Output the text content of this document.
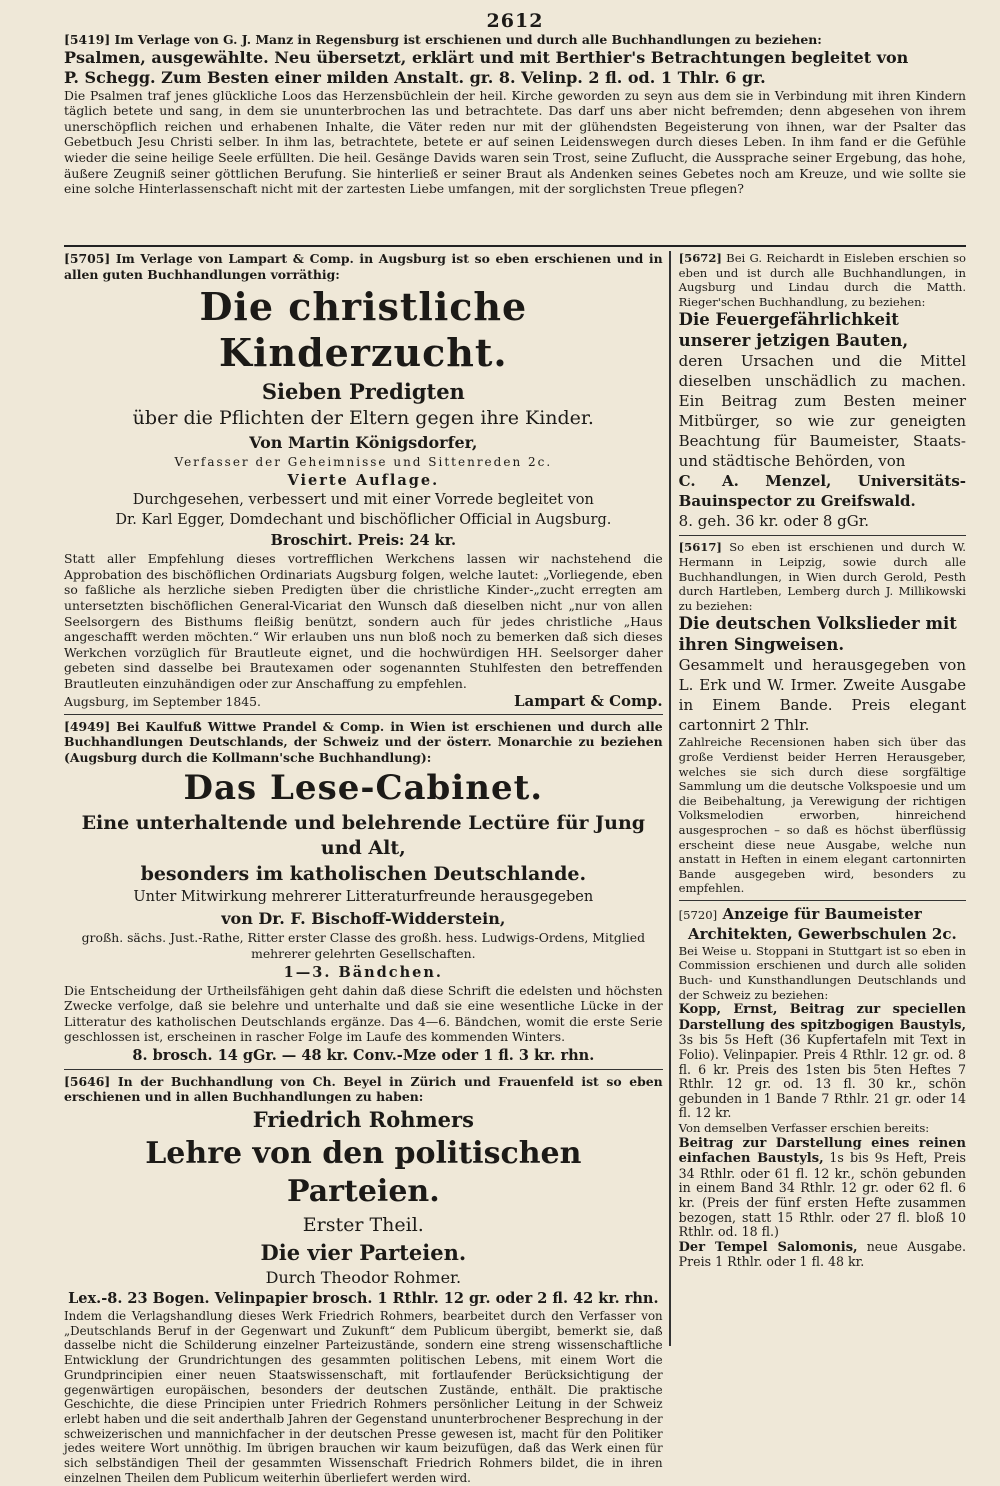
2612

[5419] Im Verlage von G. J. Manz in Regensburg ist erschienen und durch alle Buchhandlungen zu beziehen:

Psalmen, ausgewählte. Neu übersetzt, erklärt und mit Berthier's Betrachtungen begleitet von

P. Schegg. Zum Besten einer milden Anstalt. gr. 8. Velinp. 2 fl. od. 1 Thlr. 6 gr.

Die Psalmen traf jenes glückliche Loos das Herzensbüchlein der heil. Kirche geworden zu seyn aus dem sie in Verbindung mit ihren Kindern täglich betete und sang, in dem sie ununterbrochen las und betrachtete. Das darf uns aber nicht befremden; denn abgesehen von ihrem unerschöpflich reichen und erhabenen Inhalte, die Väter reden nur mit der glühendsten Begeisterung von ihnen, war der Psalter das Gebetbuch Jesu Christi selber. In ihm las, betrachtete, betete er auf seinen Leidenswegen durch dieses Leben. In ihm fand er die Gefühle wieder die seine heilige Seele erfüllten. Die heil. Gesänge Davids waren sein Trost, seine Zuflucht, die Aussprache seiner Ergebung, das hohe, äußere Zeugniß seiner göttlichen Berufung. Sie hinterließ er seiner Braut als Andenken seines Gebetes noch am Kreuze, und wie sollte sie eine solche Hinterlassenschaft nicht mit der zartesten Liebe umfangen, mit der sorglichsten Treue pflegen?

[5705] Im Verlage von Lampart & Comp. in Augsburg ist so eben erschienen und in allen guten Buchhandlungen vorräthig:

Die christliche Kinderzucht.

Sieben Predigten

über die Pflichten der Eltern gegen ihre Kinder.

Von Martin Königsdorfer,

Verfasser der Geheimnisse und Sittenreden 2c.

Vierte Auflage.

Durchgesehen, verbessert und mit einer Vorrede begleitet von

Dr. Karl Egger, Domdechant und bischöflicher Official in Augsburg.

Broschirt. Preis: 24 kr.

Statt aller Empfehlung dieses vortrefflichen Werkchens lassen wir nachstehend die Approbation des bischöflichen Ordinariats Augsburg folgen, welche lautet: „Vorliegende, eben so faßliche als herzliche sieben Predigten über die christliche Kinder-„zucht erregten am untersetzten bischöflichen General-Vicariat den Wunsch daß dieselben nicht „nur von allen Seelsorgern des Bisthums fleißig benützt, sondern auch für jedes christliche „Haus angeschafft werden möchten.“ Wir erlauben uns nun bloß noch zu bemerken daß sich dieses Werkchen vorzüglich für Brautleute eignet, und die hochwürdigen HH. Seelsorger daher gebeten sind dasselbe bei Brautexamen oder sogenannten Stuhlfesten den betreffenden Brautleuten einzuhändigen oder zur Anschaffung zu empfehlen.

Augsburg, im September 1845.	Lampart & Comp.

[4949] Bei Kaulfuß Wittwe Prandel & Comp. in Wien ist erschienen und durch alle Buchhandlungen Deutschlands, der Schweiz und der österr. Monarchie zu beziehen (Augsburg durch die Kollmann'sche Buchhandlung):

Das Lese-Cabinet.

Eine unterhaltende und belehrende Lectüre für Jung und Alt,

besonders im katholischen Deutschlande.

Unter Mitwirkung mehrerer Litteraturfreunde herausgegeben

von Dr. F. Bischoff-Widderstein,

großh. sächs. Just.-Rathe, Ritter erster Classe des großh. hess. Ludwigs-Ordens, Mitglied mehrerer gelehrten Gesellschaften.

1—3. Bändchen.

Die Entscheidung der Urtheilsfähigen geht dahin daß diese Schrift die edelsten und höchsten Zwecke verfolge, daß sie belehre und unterhalte und daß sie eine wesentliche Lücke in der Litteratur des katholischen Deutschlands ergänze. Das 4—6. Bändchen, womit die erste Serie geschlossen ist, erscheinen in rascher Folge im Laufe des kommenden Winters.

8. brosch. 14 gGr. — 48 kr. Conv.-Mze oder 1 fl. 3 kr. rhn.

[5646] In der Buchhandlung von Ch. Beyel in Zürich und Frauenfeld ist so eben erschienen und in allen Buchhandlungen zu haben:

Friedrich Rohmers

Lehre von den politischen Parteien.

Erster Theil.

Die vier Parteien.

Durch Theodor Rohmer.

Lex.-8. 23 Bogen. Velinpapier brosch. 1 Rthlr. 12 gr. oder 2 fl. 42 kr. rhn.

Indem die Verlagshandlung dieses Werk Friedrich Rohmers, bearbeitet durch den Verfasser von „Deutschlands Beruf in der Gegenwart und Zukunft“ dem Publicum übergibt, bemerkt sie, daß dasselbe nicht die Schilderung einzelner Parteizustände, sondern eine streng wissenschaftliche Entwicklung der Grundrichtungen des gesammten politischen Lebens, mit einem Wort die Grundprincipien einer neuen Staatswissenschaft, mit fortlaufender Berücksichtigung der gegenwärtigen europäischen, besonders der deutschen Zustände, enthält. Die praktische Geschichte, die diese Principien unter Friedrich Rohmers persönlicher Leitung in der Schweiz erlebt haben und die seit anderthalb Jahren der Gegenstand ununterbrochener Besprechung in der schweizerischen und mannichfacher in der deutschen Presse gewesen ist, macht für den Politiker jedes weitere Wort unnöthig. Im übrigen brauchen wir kaum beizufügen, daß das Werk einen für sich selbständigen Theil der gesammten Wissenschaft Friedrich Rohmers bildet, die in ihren einzelnen Theilen dem Publicum weiterhin überliefert werden wird.

[5672] Bei G. Reichardt in Eisleben erschien so eben und ist durch alle Buchhandlungen, in Augsburg und Lindau durch die Matth. Rieger'schen Buchhandlung, zu beziehen:

Die Feuergefährlichkeit unserer jetzigen Bauten,

deren Ursachen und die Mittel dieselben unschädlich zu machen. Ein Beitrag zum Besten meiner Mitbürger, so wie zur geneigten Beachtung für Baumeister, Staats- und städtische Behörden, von

C. A. Menzel, Universitäts-Bauinspector zu Greifswald.

8. geh. 36 kr. oder 8 gGr.

[5617] So eben ist erschienen und durch W. Hermann in Leipzig, sowie durch alle Buchhandlungen, in Wien durch Gerold, Pesth durch Hartleben, Lemberg durch J. Millikowski zu beziehen:

Die deutschen Volkslieder mit ihren Singweisen.

Gesammelt und herausgegeben von L. Erk und W. Irmer. Zweite Ausgabe in Einem Bande. Preis elegant cartonnirt 2 Thlr.

Zahlreiche Recensionen haben sich über das große Verdienst beider Herren Herausgeber, welches sie sich durch diese sorgfältige Sammlung um die deutsche Volkspoesie und um die Beibehaltung, ja Verewigung der richtigen Volksmelodien erworben, hinreichend ausgesprochen – so daß es höchst überflüssig erscheint diese neue Ausgabe, welche nun anstatt in Heften in einem elegant cartonnirten Bande ausgegeben wird, besonders zu empfehlen.

[5720] Anzeige für Baumeister

Architekten, Gewerbschulen 2c.

Bei Weise u. Stoppani in Stuttgart ist so eben in Commission erschienen und durch alle soliden Buch- und Kunsthandlungen Deutschlands und der Schweiz zu beziehen:

Kopp, Ernst, Beitrag zur speciellen Darstellung des spitzbogigen Baustyls, 3s bis 5s Heft (36 Kupfertafeln mit Text in Folio). Velinpapier. Preis 4 Rthlr. 12 gr. od. 8 fl. 6 kr. Preis des 1sten bis 5ten Heftes 7 Rthlr. 12 gr. od. 13 fl. 30 kr., schön gebunden in 1 Bande 7 Rthlr. 21 gr. oder 14 fl. 12 kr.

Von demselben Verfasser erschien bereits:

Beitrag zur Darstellung eines reinen einfachen Baustyls, 1s bis 9s Heft, Preis 34 Rthlr. oder 61 fl. 12 kr., schön gebunden in einem Band 34 Rthlr. 12 gr. oder 62 fl. 6 kr. (Preis der fünf ersten Hefte zusammen bezogen, statt 15 Rthlr. oder 27 fl. bloß 10 Rthlr. od. 18 fl.)

Der Tempel Salomonis, neue Ausgabe. Preis 1 Rthlr. oder 1 fl. 48 kr.
